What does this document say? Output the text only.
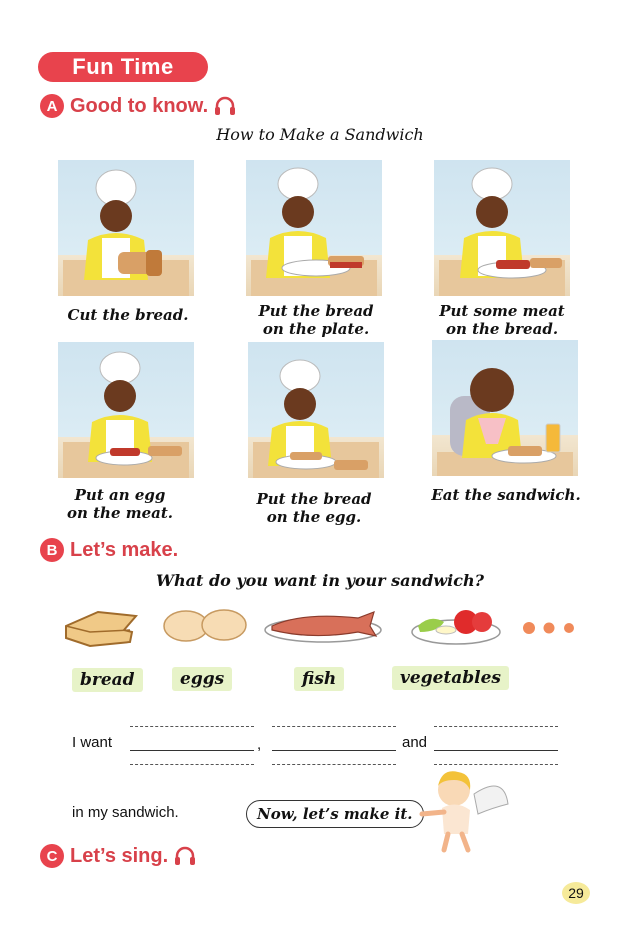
Fun Time
A Good to know.
How to Make a Sandwich
Cut the bread.	Put the bread
on the plate.
Put some meat
on the bread.
Put an egg
on the meat.
Put the bread
on the egg.
Eat the sandwich.
B Let’s make.
What do you want in your sandwich?
bread	eggs	fish	vegetables
I want	,	and
in my sandwich.	Now, let’s make it.
C Let’s sing.
29
